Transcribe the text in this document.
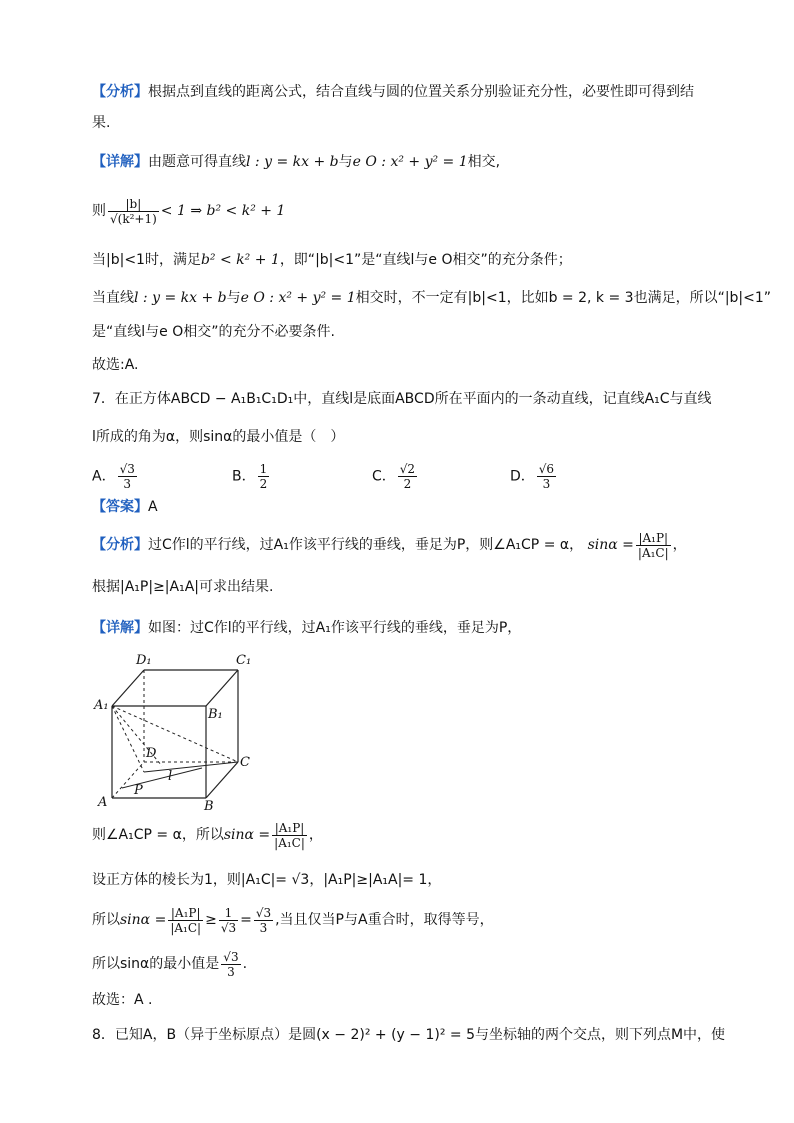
【分析】根据点到直线的距离公式，结合直线与圆的位置关系分别验证充分性，必要性即可得到结
果.
【详解】由题意可得直线l : y = kx + b与e O : x² + y² = 1相交,
则 $\frac{|b|}{\text{√(k²+1)}} < 1$ ⇒ b² < k² + 1
当|b|<1时，满足b² < k² + 1，即“|b|<1”是“直线l与e O相交”的充分条件；
当直线l : y = kx + b与e O : x² + y² = 1相交时，不一定有|b|<1，比如b = 2, k = 3也满足，所以“|b|<1”
是“直线l与e O相交”的充分不必要条件.
故选:A.
7．在正方体ABCD − A₁B₁C₁D₁中，直线l是底面ABCD所在平面内的一条动直线，记直线A₁C与直线
l所成的角为α，则sinα的最小值是（　）
A． $\frac{√3}{3}$	B． $\frac{1}{2}$	C． $\frac{√2}{2}$	D． $\frac{√6}{3}$
【答案】A
【分析】过C作l的平行线，过A₁作该平行线的垂线，垂足为P，则∠A₁CP = α， $\sin\alpha = \frac{\text{|A₁P|}}{\text{|A₁C|}}$ ，
根据|A₁P|≥|A₁A|可求出结果.
【详解】如图：过C作l的平行线，过A₁作该平行线的垂线，垂足为P，
D₁	C₁
A₁
B₁
D
C
l
A
P
B
则∠A₁CP = α，所以$\sin\alpha = \frac{\text{|A₁P|}}{\text{|A₁C|}}$ ，
设正方体的棱长为1，则|A₁C|= √3，|A₁P|≥|A₁A|= 1，
所以$\sin\alpha = \frac{\text{|A₁P|}}{\text{|A₁C|}} \ge \frac{1}{√3} = \frac{√3}{3}$ ,当且仅当P与A重合时，取得等号，
所以sinα的最小值是 $\frac{√3}{3}$ .
故选：A .
8．已知A，B（异于坐标原点）是圆(x − 2)² + (y − 1)² = 5与坐标轴的两个交点，则下列点M中，使
